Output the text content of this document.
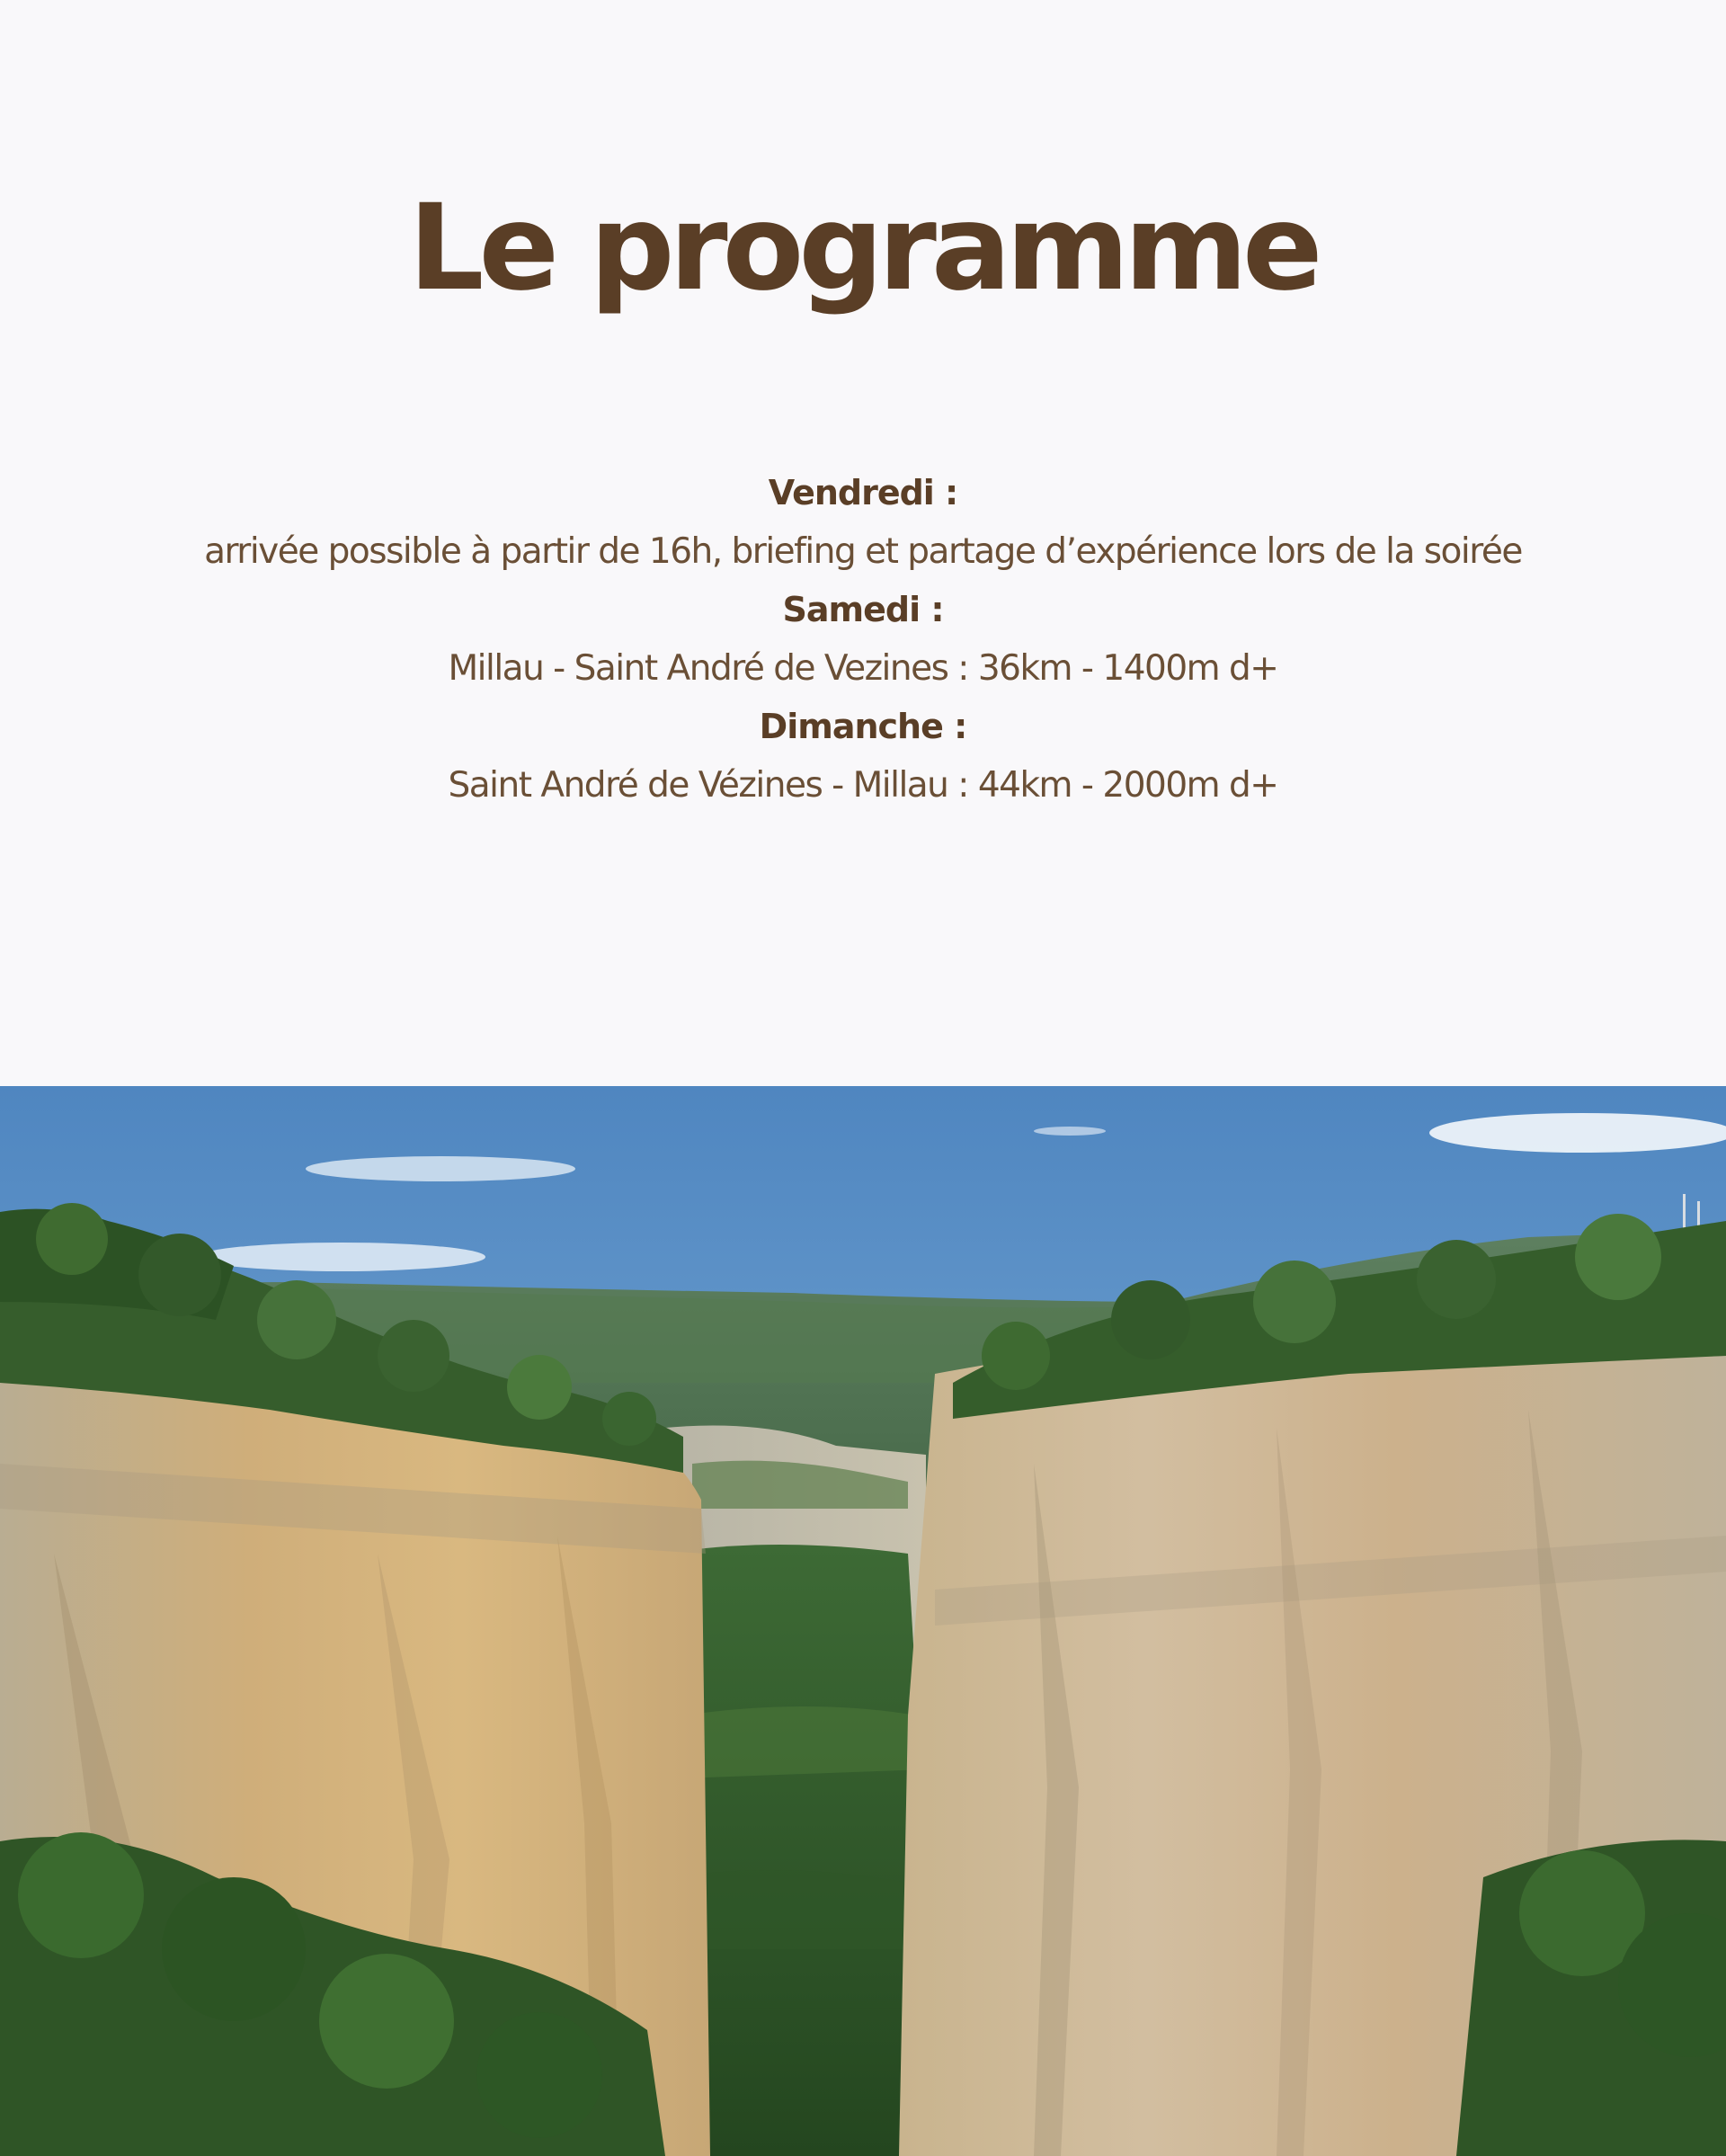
Le programme
Vendredi :
arrivée possible à partir de 16h, briefing et partage d’expérience lors de la soirée
Samedi :
Millau - Saint André de Vezines : 36km - 1400m d+
Dimanche :
Saint André de Vézines - Millau : 44km - 2000m d+
